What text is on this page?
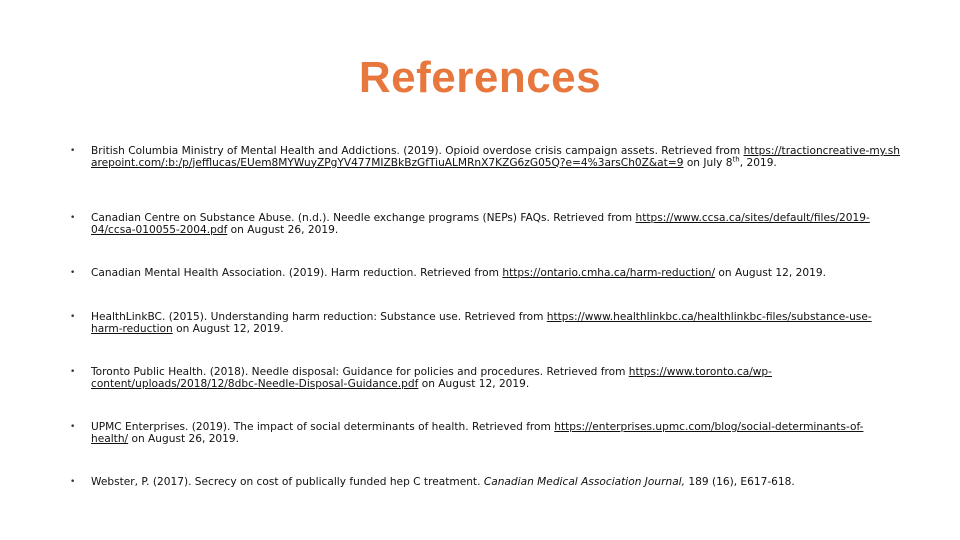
References
• British Columbia Ministry of Mental Health and Addictions. (2019). Opioid overdose crisis campaign assets. Retrieved from https://tractioncreative-my.sharepoint.com/:b:/p/jefflucas/EUem8MYWuyZPgYV477MIZBkBzGfTiuALMRnX7KZG6zG05Q?e=4%3arsCh0Z&at=9 on July 8th, 2019.
• Canadian Centre on Substance Abuse. (n.d.). Needle exchange programs (NEPs) FAQs. Retrieved from https://www.ccsa.ca/sites/default/files/2019-04/ccsa-010055-2004.pdf on August 26, 2019.
• Canadian Mental Health Association. (2019). Harm reduction. Retrieved from https://ontario.cmha.ca/harm-reduction/ on August 12, 2019.
• HealthLinkBC. (2015). Understanding harm reduction: Substance use. Retrieved from https://www.healthlinkbc.ca/healthlinkbc-files/substance-use-harm-reduction on August 12, 2019.
• Toronto Public Health. (2018). Needle disposal: Guidance for policies and procedures. Retrieved from https://www.toronto.ca/wp-content/uploads/2018/12/8dbc-Needle-Disposal-Guidance.pdf on August 12, 2019.
• UPMC Enterprises. (2019). The impact of social determinants of health. Retrieved from https://enterprises.upmc.com/blog/social-determinants-of-health/ on August 26, 2019.
• Webster, P. (2017). Secrecy on cost of publically funded hep C treatment. Canadian Medical Association Journal, 189 (16), E617-618.
